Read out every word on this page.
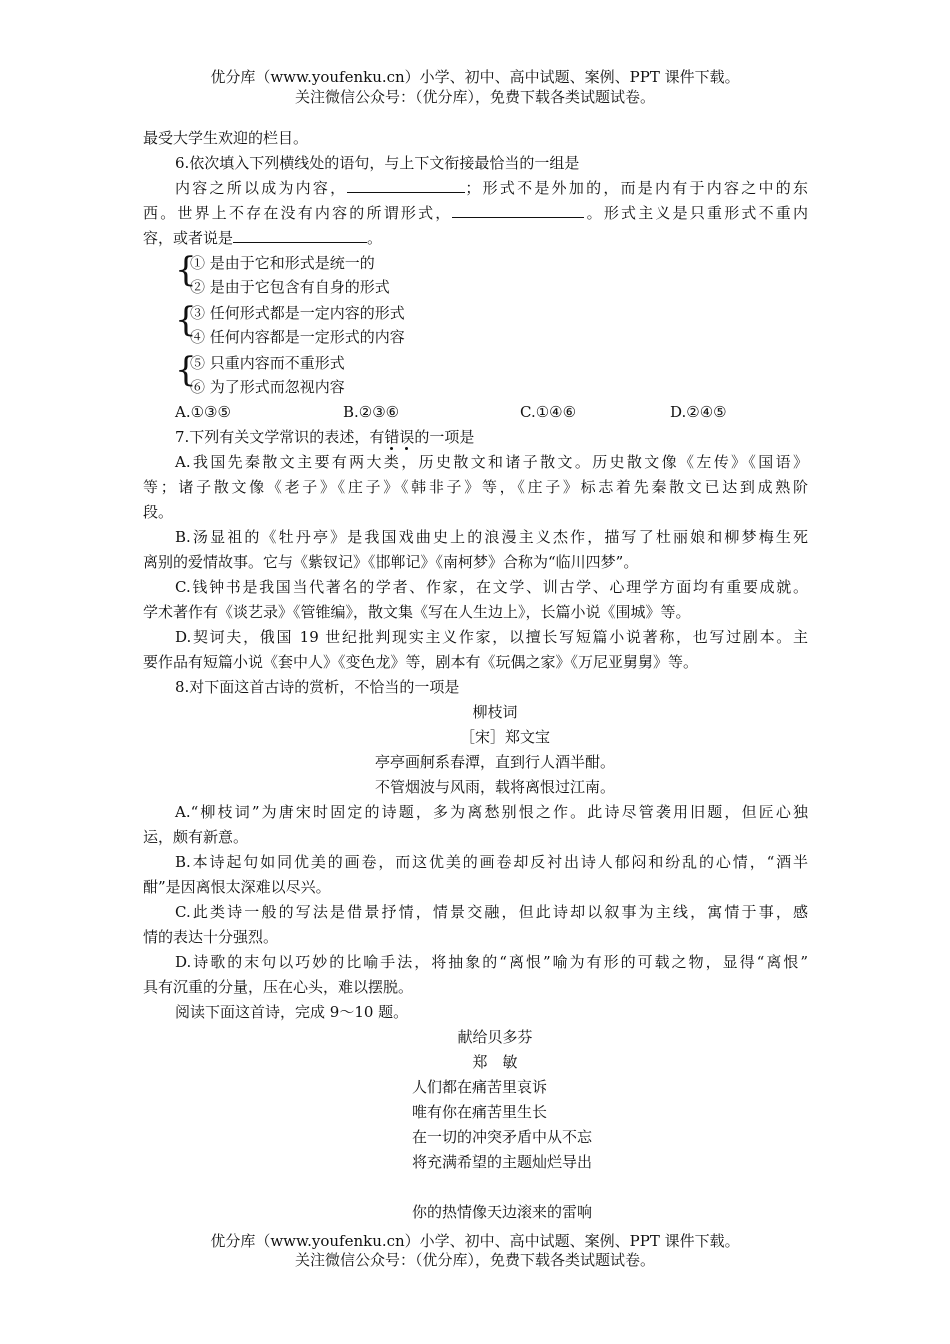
优分库（www.youfenku.cn）小学、初中、高中试题、案例、PPT 课件下载。
关注微信公众号：（优分库），免费下载各类试题试卷。
最受大学生欢迎的栏目。
6.依次填入下列横线处的语句，与上下文衔接最恰当的一组是
内容之所以成为内容，	；形式不是外加的，而是内有于内容之中的东
西。世界上不存在没有内容的所谓形式，	。形式主义是只重形式不重内
容，或者说是	。
{
① 是由于它和形式是统一的
② 是由于它包含有自身的形式
{
③ 任何形式都是一定内容的形式
④ 任何内容都是一定形式的内容
{
⑤ 只重内容而不重形式
⑥ 为了形式而忽视内容
A.①③⑤	B.②③⑥	C.①④⑥	D.②④⑤
7.下列有关文学常识的表述，有错误的一项是
A.我国先秦散文主要有两大类，历史散文和诸子散文。历史散文像《左传》《国语》
等；诸子散文像《老子》《庄子》《韩非子》等，《庄子》标志着先秦散文已达到成熟阶
段。
B.汤显祖的《牡丹亭》是我国戏曲史上的浪漫主义杰作，描写了杜丽娘和柳梦梅生死
离别的爱情故事。它与《紫钗记》《邯郸记》《南柯梦》合称为“临川四梦”。
C.钱钟书是我国当代著名的学者、作家，在文学、训古学、心理学方面均有重要成就。
学术著作有《谈艺录》《管锥编》，散文集《写在人生边上》，长篇小说《围城》等。
D.契诃夫，俄国 19 世纪批判现实主义作家，以擅长写短篇小说著称，也写过剧本。主
要作品有短篇小说《套中人》《变色龙》等，剧本有《玩偶之家》《万尼亚舅舅》等。
8.对下面这首古诗的赏析，不恰当的一项是
柳枝词
［宋］郑文宝
亭亭画舸系春潭，直到行人酒半酣。
不管烟波与风雨，载将离恨过江南。
A.“柳枝词”为唐宋时固定的诗题，多为离愁别恨之作。此诗尽管袭用旧题，但匠心独
运，颇有新意。
B.本诗起句如同优美的画卷，而这优美的画卷却反衬出诗人郁闷和纷乱的心情，“酒半
酣”是因离恨太深难以尽兴。
C.此类诗一般的写法是借景抒情，情景交融，但此诗却以叙事为主线，寓情于事，感
情的表达十分强烈。
D.诗歌的末句以巧妙的比喻手法，将抽象的“离恨”喻为有形的可载之物，显得“离恨”
具有沉重的分量，压在心头，难以摆脱。
阅读下面这首诗，完成 9～10 题。
献给贝多芬
郑　敏
人们都在痛苦里哀诉
唯有你在痛苦里生长
在一切的冲突矛盾中从不忘
将充满希望的主题灿烂导出
你的热情像天边滚来的雷响
优分库（www.youfenku.cn）小学、初中、高中试题、案例、PPT 课件下载。
关注微信公众号：（优分库），免费下载各类试题试卷。
